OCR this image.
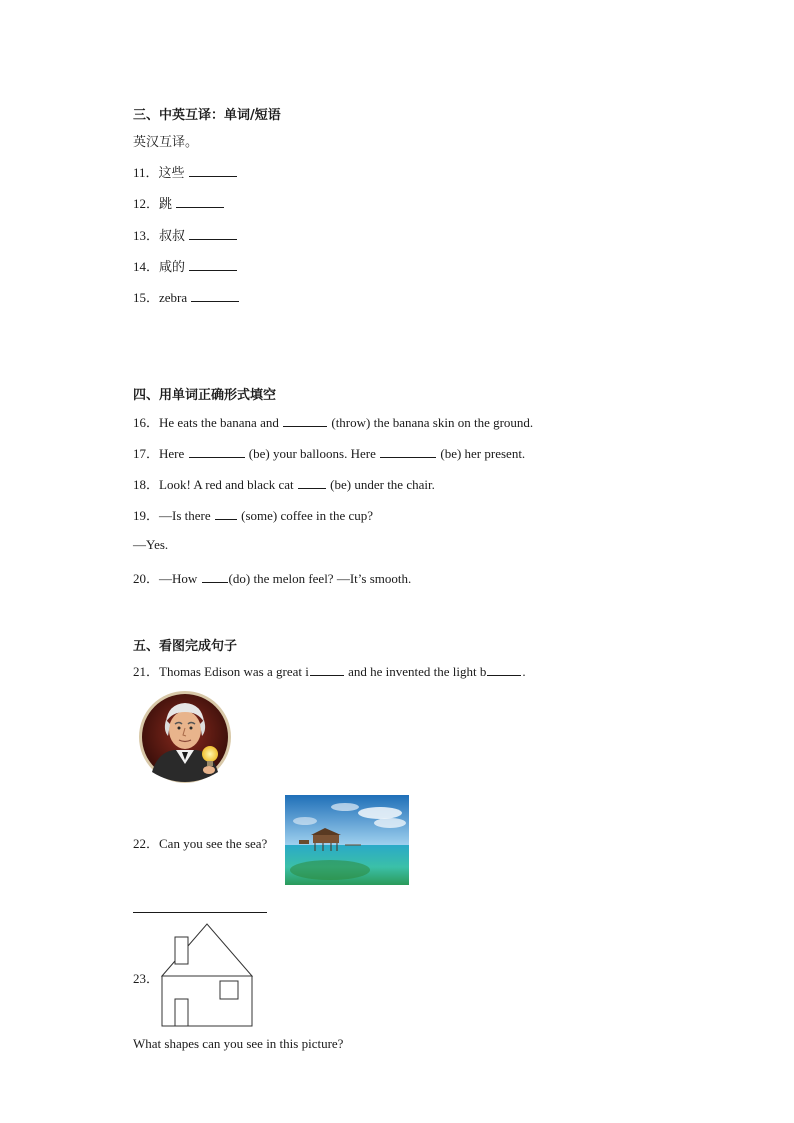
三、中英互译：单词/短语
英汉互译。
11．这些
12．跳
13．叔叔
14．咸的
15．zebra
四、用单词正确形式填空
16．He eats the banana and	(throw) the banana skin on the ground.
17．Here	(be) your balloons. Here	(be) her present.
18．Look! A red and black cat	(be) under the chair.
19．—Is there (some) coffee in the cup?
—Yes.
20．—How (do) the melon feel? —It’s smooth.
五、看图完成句子
21．Thomas Edison was a great i	and he invented the light b	.
22．Can you see the sea?
23．
What shapes can you see in this picture?
